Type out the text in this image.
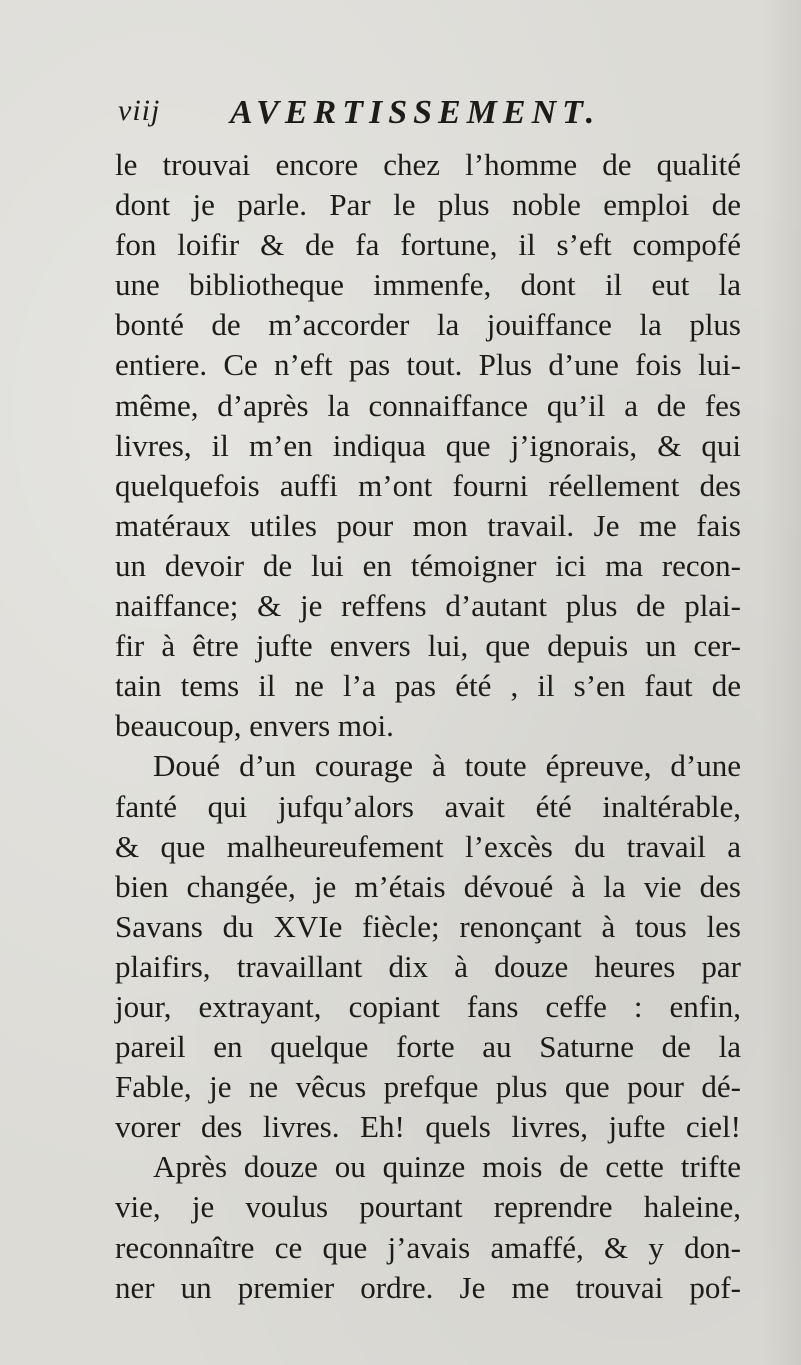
viij AVERTISSEMENT.
le trouvai encore chez l’homme de qualité
dont je parle. Par le plus noble emploi de
fon loifir & de fa fortune, il s’eft compofé
une bibliotheque immenfe, dont il eut la
bonté de m’accorder la jouiffance la plus
entiere. Ce n’eft pas tout. Plus d’une fois lui-
même, d’après la connaiffance qu’il a de fes
livres, il m’en indiqua que j’ignorais, & qui
quelquefois auffi m’ont fourni réellement des
matéraux utiles pour mon travail. Je me fais
un devoir de lui en témoigner ici ma recon-
naiffance; & je reffens d’autant plus de plai-
fir à être jufte envers lui, que depuis un cer-
tain tems il ne l’a pas été , il s’en faut de
beaucoup, envers moi.
Doué d’un courage à toute épreuve, d’une
fanté qui jufqu’alors avait été inaltérable,
& que malheureufement l’excès du travail a
bien changée, je m’étais dévoué à la vie des
Savans du XVIe fiècle; renonçant à tous les
plaifirs, travaillant dix à douze heures par
jour, extrayant, copiant fans ceffe : enfin,
pareil en quelque forte au Saturne de la
Fable, je ne vêcus prefque plus que pour dé-
vorer des livres. Eh! quels livres, jufte ciel!
Après douze ou quinze mois de cette trifte
vie, je voulus pourtant reprendre haleine,
reconnaître ce que j’avais amaffé, & y don-
ner un premier ordre. Je me trouvai pof-
